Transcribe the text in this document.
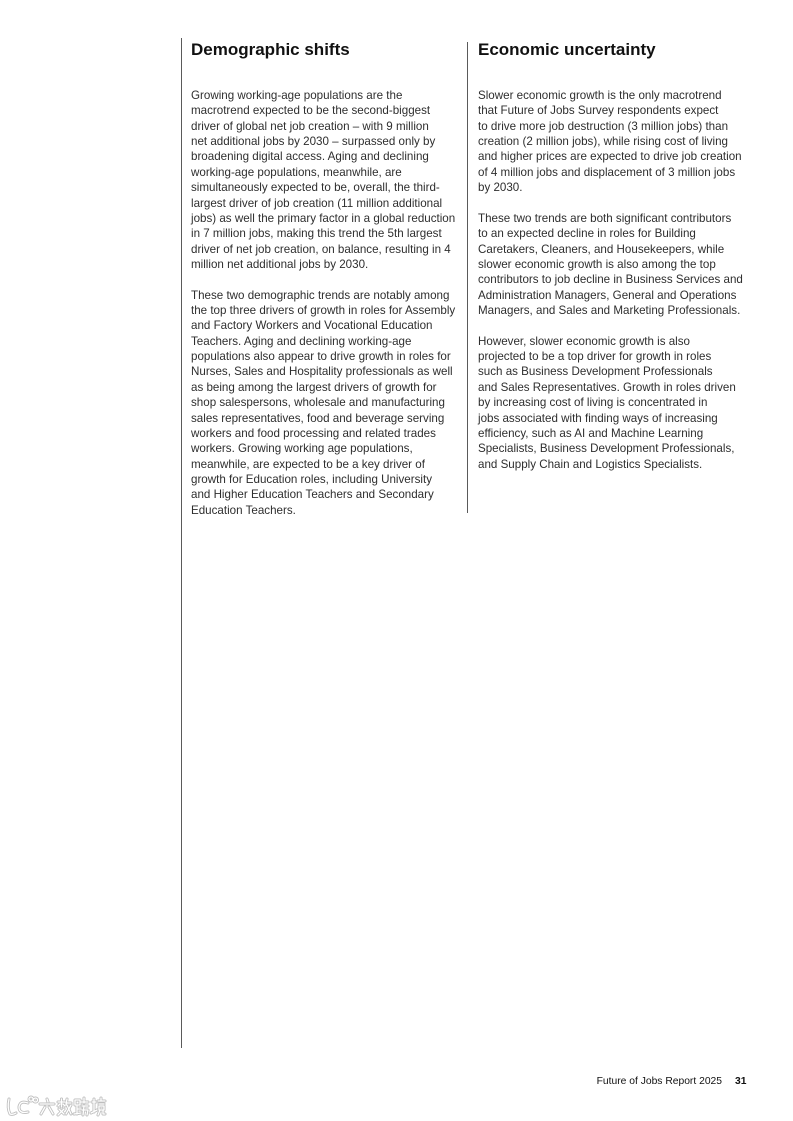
Demographic shifts
Growing working-age populations are the
macrotrend expected to be the second-biggest
driver of global net job creation – with 9 million
net additional jobs by 2030 – surpassed only by
broadening digital access. Aging and declining
working-age populations, meanwhile, are
simultaneously expected to be, overall, the third-
largest driver of job creation (11 million additional
jobs) as well the primary factor in a global reduction
in 7 million jobs, making this trend the 5th largest
driver of net job creation, on balance, resulting in 4
million net additional jobs by 2030.
These two demographic trends are notably among
the top three drivers of growth in roles for Assembly
and Factory Workers and Vocational Education
Teachers. Aging and declining working-age
populations also appear to drive growth in roles for
Nurses, Sales and Hospitality professionals as well
as being among the largest drivers of growth for
shop salespersons, wholesale and manufacturing
sales representatives, food and beverage serving
workers and food processing and related trades
workers. Growing working age populations,
meanwhile, are expected to be a key driver of
growth for Education roles, including University
and Higher Education Teachers and Secondary
Education Teachers.
Economic uncertainty
Slower economic growth is the only macrotrend
that Future of Jobs Survey respondents expect
to drive more job destruction (3 million jobs) than
creation (2 million jobs), while rising cost of living
and higher prices are expected to drive job creation
of 4 million jobs and displacement of 3 million jobs
by 2030.
These two trends are both significant contributors
to an expected decline in roles for Building
Caretakers, Cleaners, and Housekeepers, while
slower economic growth is also among the top
contributors to job decline in Business Services and
Administration Managers, General and Operations
Managers, and Sales and Marketing Professionals.
However, slower economic growth is also
projected to be a top driver for growth in roles
such as Business Development Professionals
and Sales Representatives. Growth in roles driven
by increasing cost of living is concentrated in
jobs associated with finding ways of increasing
efficiency, such as AI and Machine Learning
Specialists, Business Development Professionals,
and Supply Chain and Logistics Specialists.
Future of Jobs Report 2025 31
